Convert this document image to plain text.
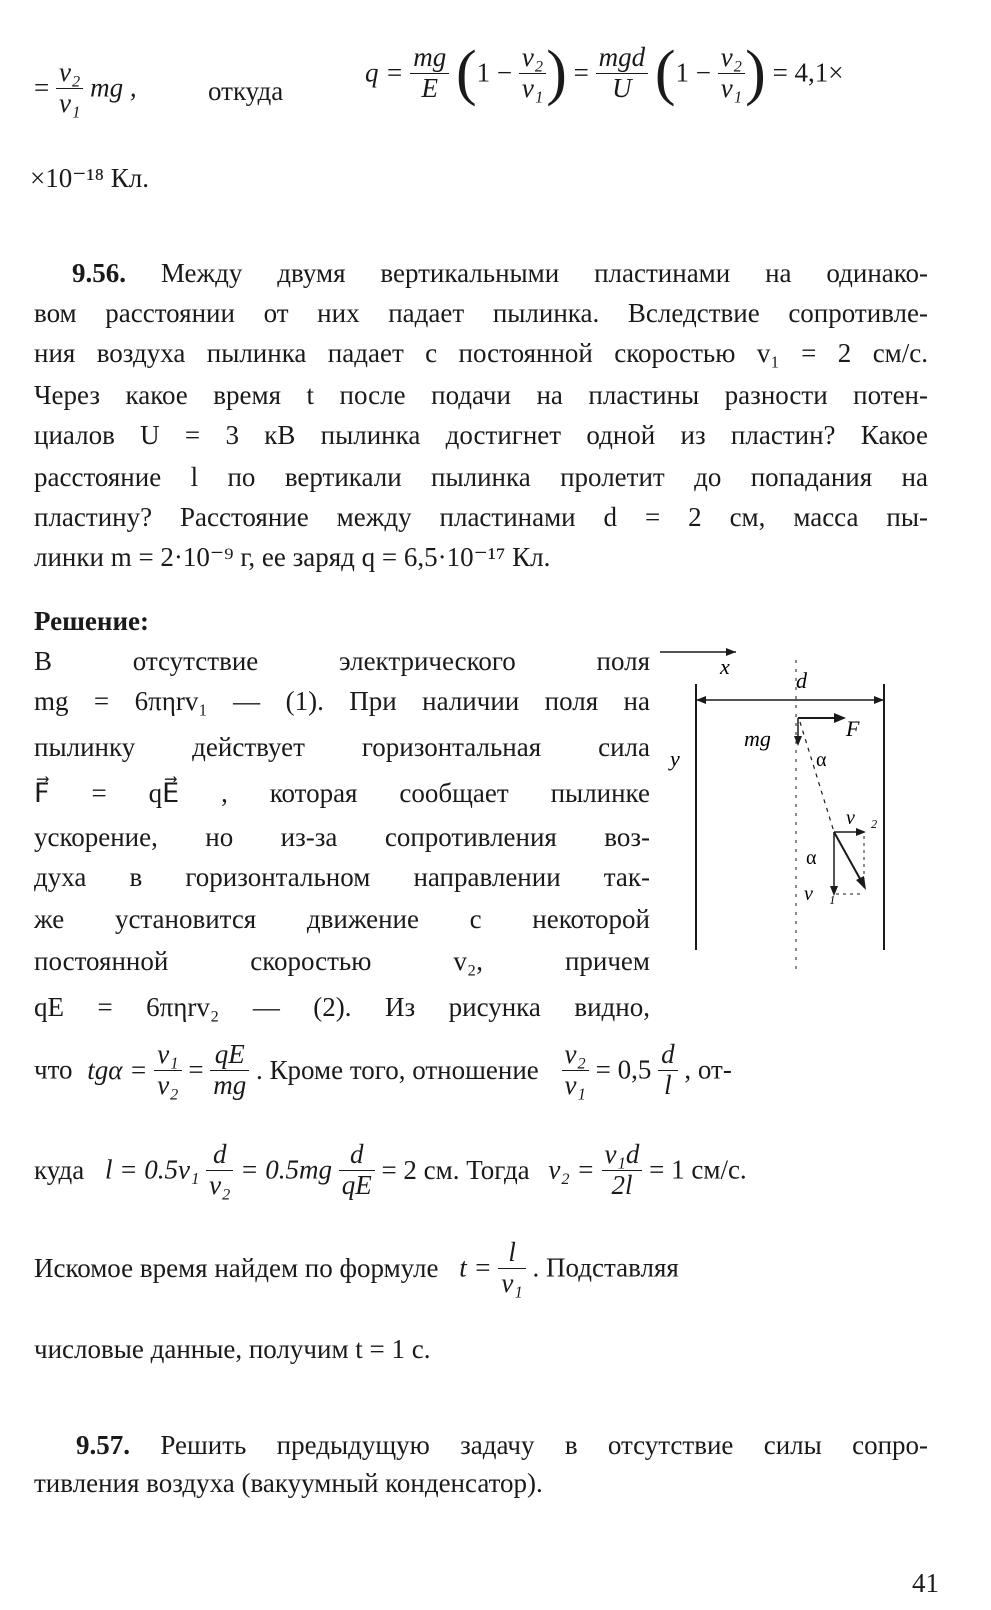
= $\frac{\text{v₂}}{\text{v₁}}$ mg ,	откуда
$q = \frac{mg}{E} (1 - \frac{\text{v₂}}{\text{v₁}}$ ) = $\frac{\text{mgd}}{U} (1 - \frac{\text{v₂}}{\text{v₁}}$ ) = 4,1×
×10⁻¹⁸ Кл.
9.56. Между двумя вертикальными пластинами на одинако-
вом расстоянии от них падает пылинка. Вследствие сопротивле-
ния воздуха пылинка падает с постоянной скоростью v₁ = 2 см/с.
Через какое время t после подачи на пластины разности потен-
циалов U = 3 кВ пылинка достигнет одной из пластин? Какое
расстояние l по вертикали пылинка пролетит до попадания на
пластину? Расстояние между пластинами d = 2 см, масса пы-
линки m = 2·10⁻⁹ г, ее заряд q = 6,5·10⁻¹⁷ Кл.
Решение:
В отсутствие электрического поля
mg = 6πηrv₁ — (1). При наличии поля на
пылинку действует горизонтальная сила
F⃗ = qE⃗ , которая сообщает пылинке
ускорение, но из-за сопротивления воз-
духа в горизонтальном направлении так-
же установится движение с некоторой
постоянной скоростью v₂, причем
qE = 6πηrv₂ — (2). Из рисунка видно,
x
d
y
mg⃗	F⃗
α
v⃗₂
α
v⃗₁
что $tg\alpha = \frac{\text{v₁}}{\text{v₂}} = \frac{qE}{mg}$ . Кроме того, отношение $\frac{\text{v₂}}{\text{v₁}} = 0,5 \frac{d}{l}$ , от-
куда $l = 0.5v_1 \frac{d}{\text{v₂}} = 0.5mg \frac{d}{qE} = 2$ см. Тогда $v_2 = \frac{\text{v₁d}}{2l} = 1$ см/с.
Искомое время найдем по формуле $t = \frac{l}{\text{v₁}}$ . Подставляя
числовые данные, получим t = 1 с.
9.57. Решить предыдущую задачу в отсутствие силы сопро-
тивления воздуха (вакуумный конденсатор).
41
